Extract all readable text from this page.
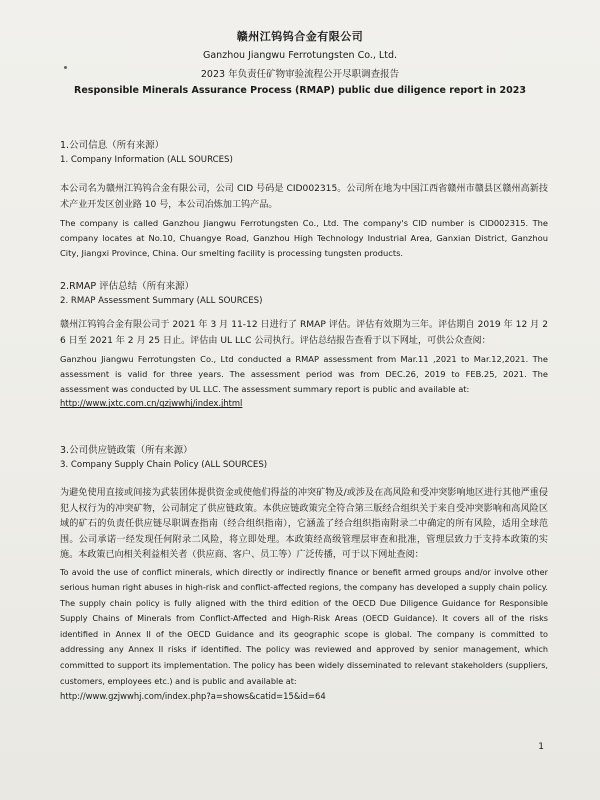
赣州江钨钨合金有限公司
Ganzhou Jiangwu Ferrotungsten Co., Ltd.
2023 年负责任矿物审验流程公开尽职调查报告
Responsible Minerals Assurance Process (RMAP) public due diligence report in 2023
1.公司信息（所有来源）
1. Company Information (ALL SOURCES)
本公司名为赣州江钨钨合金有限公司，公司 CID 号码是 CID002315。公司所在地为中国江西省赣州市赣县区赣州高新技术产业开发区创业路 10 号，本公司冶炼加工钨产品。
The company is called Ganzhou Jiangwu Ferrotungsten Co., Ltd. The company's CID number is CID002315. The company locates at No.10, Chuangye Road, Ganzhou High Technology Industrial Area, Ganxian District, Ganzhou City, Jiangxi Province, China. Our smelting facility is processing tungsten products.
2.RMAP 评估总结（所有来源）
2. RMAP Assessment Summary (ALL SOURCES)
赣州江钨钨合金有限公司于 2021 年 3 月 11-12 日进行了 RMAP 评估。评估有效期为三年。评估期自 2019 年 12 月 26 日至 2021 年 2 月 25 日止。评估由 UL LLC 公司执行。评估总结报告查看于以下网址，可供公众查阅：
Ganzhou Jiangwu Ferrotungsten Co., Ltd conducted a RMAP assessment from Mar.11 ,2021 to Mar.12,2021. The assessment is valid for three years. The assessment period was from DEC.26, 2019 to FEB.25, 2021. The assessment was conducted by UL LLC. The assessment summary report is public and available at:
http://www.jxtc.com.cn/gzjwwhj/index.jhtml
3.公司供应链政策（所有来源）
3. Company Supply Chain Policy (ALL SOURCES)
为避免使用直接或间接为武装团体提供资金或使他们得益的冲突矿物及/或涉及在高风险和受冲突影响地区进行其他严重侵犯人权行为的冲突矿物，公司制定了供应链政策。本供应链政策完全符合第三版经合组织关于来自受冲突影响和高风险区域的矿石的负责任供应链尽职调查指南（经合组织指南），它涵盖了经合组织指南附录二中确定的所有风险，适用全球范围。公司承诺一经发现任何附录二风险，将立即处理。本政策经高级管理层审查和批准，管理层致力于支持本政策的实施。本政策已向相关利益相关者（供应商、客户、员工等）广泛传播，可于以下网址查阅：
To avoid the use of conflict minerals, which directly or indirectly finance or benefit armed groups and/or involve other serious human right abuses in high-risk and conflict-affected regions, the company has developed a supply chain policy. The supply chain policy is fully aligned with the third edition of the OECD Due Diligence Guidance for Responsible Supply Chains of Minerals from Conflict-Affected and High-Risk Areas (OECD Guidance). It covers all of the risks identified in Annex II of the OECD Guidance and its geographic scope is global. The company is committed to addressing any Annex II risks if identified. The policy was reviewed and approved by senior management, which committed to support its implementation. The policy has been widely disseminated to relevant stakeholders (suppliers, customers, employees etc.) and is public and available at:
http://www.gzjwwhj.com/index.php?a=shows&catid=15&id=64
1
